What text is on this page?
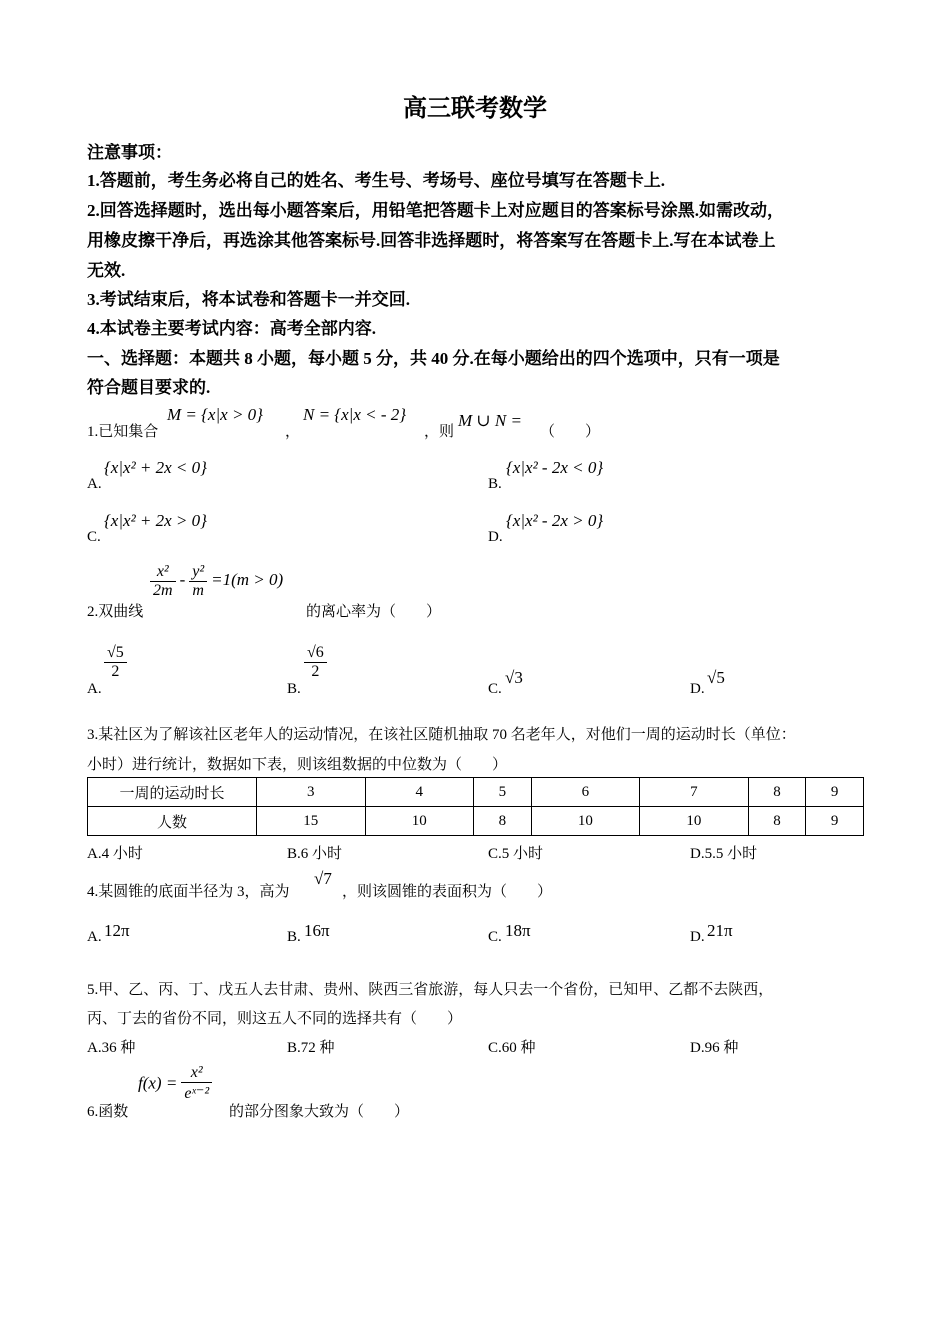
高三联考数学
注意事项：
1.答题前，考生务必将自己的姓名、考生号、考场号、座位号填写在答题卡上.
2.回答选择题时，选出每小题答案后，用铅笔把答题卡上对应题目的答案标号涂黑.如需改动，
用橡皮擦干净后，再选涂其他答案标号.回答非选择题时，将答案写在答题卡上.写在本试卷上
无效.
3.考试结束后，将本试卷和答题卡一并交回.
4.本试卷主要考试内容：高考全部内容.
一、选择题：本题共 8 小题，每小题 5 分，共 40 分.在每小题给出的四个选项中，只有一项是
符合题目要求的.
1.已知集合
M = {x|x > 0}
，
N = {x|x < - 2}
，则
M ∪ N =
（　　）
A.
{x|x² + 2x < 0}
B.
{x|x² - 2x < 0}
C.
{x|x² + 2x > 0}
D.
{x|x² - 2x > 0}
2.双曲线
$\frac{\text{x²}}{2m} - \frac{\text{y²}}{m} =1(m > 0)$
的离心率为（　　）
A.
$\frac{√5}{2}$
B.
$\frac{√6}{2}$
C.
√3
D.
√5
3.某社区为了解该社区老年人的运动情况，在该社区随机抽取 70 名老年人，对他们一周的运动时长（单位：
小时）进行统计，数据如下表，则该组数据的中位数为（　　）
一周的运动时长	3	4	5	6	7	8	9
人数	15	10	8	10	10	8	9
A.4 小时	B.6 小时	C.5 小时	D.5.5 小时
4.某圆锥的底面半径为 3，高为
√7
，则该圆锥的表面积为（　　）
A. 12π	B. 16π	C. 18π	D. 21π
5.甲、乙、丙、丁、戊五人去甘肃、贵州、陕西三省旅游，每人只去一个省份，已知甲、乙都不去陕西，
丙、丁去的省份不同，则这五人不同的选择共有（　　）
A.36 种	B.72 种	C.60 种	D.96 种
6.函数
$f(x) = \frac{\text{x²}}{\text{eˣ⁻²}}$
的部分图象大致为（　　）
